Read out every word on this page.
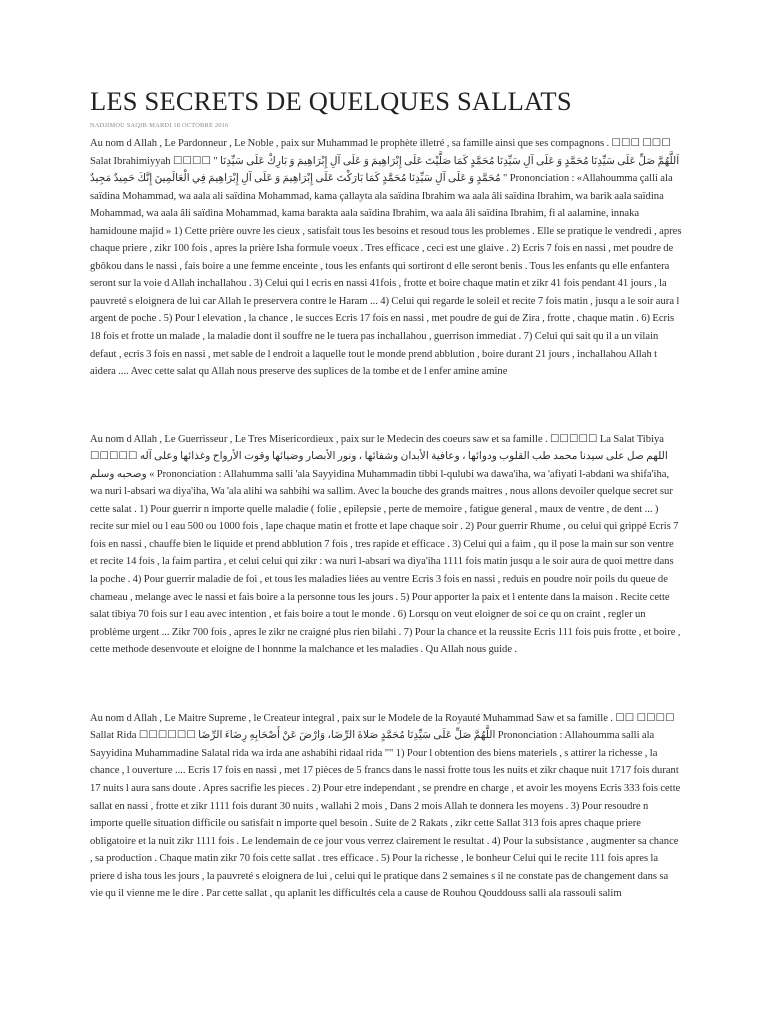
LES SECRETS DE QUELQUES SALLATS
NADJIMOU SAQIB·MARDI 18 OCTOBRE 2016

Au nom d Allah , Le Pardonneur , Le Noble , paix sur Muhammad le prophète illetré , sa famille ainsi que ses compagnons . ☐☐☐ ☐☐☐ Salat Ibrahimiyyah ☐☐☐☐ " اَللَّهُمَّ صَلِّ عَلَى سَيِّدِنَا مُحَمَّدٍ وَ عَلَى آلِ سَيِّدِنَا مُحَمَّدٍ كَمَا صَلَّيْتَ عَلَى إِبْرَاهِيمَ وَ عَلَى آلِ إِبْرَاهِيمَ وَ بَارِكْ عَلَى سَيِّدِنَا مُحَمَّدٍ وَ عَلَى آلِ سَيِّدِنَا مُحَمَّدٍ كَمَا بَارَكْتَ عَلَى إِبْرَاهِيمَ وَ عَلَى آلِ إِبْرَاهِيمَ فِي الْعَالَمِينَ إِنَّكَ حَمِيدٌ مَجِيدٌ " Prononciation : «Allahoumma çalli ala saïdina Mohammad, wa aala ali saïdina Mohammad, kama çallayta ala saïdina Ibrahim wa aala âli saïdina Ibrahim, wa barik aala saïdina Mohammad, wa aala âli saïdina Mohammad, kama barakta aala saïdina Ibrahim, wa aala âli saïdina Ibrahim, fi al aalamine, innaka hamidoune majid » 1) Cette prière ouvre les cieux , satisfait tous les besoins et resoud tous les problemes . Elle se pratique le vendredi , apres chaque priere , zikr 100 fois , apres la prière Isha formule voeux . Tres efficace , ceci est une glaive . 2) Ecris 7 fois en nassi , met poudre de gbôkou dans le nassi , fais boire a une femme enceinte , tous les enfants qui sortiront d elle seront benis . Tous les enfants qu elle enfantera seront sur la voie d Allah inchallahou . 3) Celui qui l ecris en nassi 41fois , frotte et boire chaque matin et zikr 41 fois pendant 41 jours , la pauvreté s eloignera de lui car Allah le preservera contre le Haram ... 4) Celui qui regarde le soleil et recite 7 fois matin , jusqu a le soir aura l argent de poche . 5) Pour l elevation , la chance , le succes Ecris 17 fois en nassi , met poudre de gui de Zira , frotte , chaque matin . 6) Ecris 18 fois et frotte un malade , la maladie dont il souffre ne le tuera pas inchallahou , guerrison immediat . 7) Celui qui sait qu il a un vilain defaut , ecris 3 fois en nassi , met sable de l endroit a laquelle tout le monde prend abblution , boire durant 21 jours , inchallahou Allah t aidera .... Avec cette salat qu Allah nous preserve des suplices de la tombe et de l enfer amine amine

Au nom d Allah , Le Guerrisseur , Le Tres Misericordieux , paix sur le Medecin des coeurs saw et sa famille . ☐☐☐☐☐ La Salat Tibiya ☐☐☐☐☐ اللهم صل على سيدنا محمد طب القلوب ودوائها ، وعافية الأبدان وشفائها ، ونور الأبصار وضيائها وقوت الأرواح وغذائها وعلى آله وصحبه وسلم « Prononciation : Allahumma salli 'ala Sayyidina Muhammadin tibbi l-qulubi wa dawa'iha, wa 'afiyati l-abdani wa shifa'iha, wa nuri l-absari wa diya'iha, Wa 'ala alihi wa sahbihi wa sallim. Avec la bouche des grands maitres , nous allons devoiler quelque secret sur cette salat . 1) Pour guerrir n importe quelle maladie ( folie , epilepsie , perte de memoire , fatigue general , maux de ventre , de dent ... ) recite sur miel ou l eau 500 ou 1000 fois , lape chaque matin et frotte et lape chaque soir . 2) Pour guerrir Rhume , ou celui qui grippé Ecris 7 fois en nassi , chauffe bien le liquide et prend abblution 7 fois , tres rapide et efficace . 3) Celui qui a faim , qu il pose la main sur son ventre et recite 14 fois , la faim partira , et celui celui qui zikr : wa nuri l-absari wa diya'iha 1111 fois matin jusqu a le soir aura de quoi mettre dans la poche . 4) Pour guerrir maladie de foi , et tous les maladies liées au ventre Ecris 3 fois en nassi , reduis en poudre noir poils du queue de chameau , melange avec le nassi et fais boire a la personne tous les jours . 5) Pour apporter la paix et l entente dans la maison . Recite cette salat tibiya 70 fois sur l eau avec intention , et fais boire a tout le monde . 6) Lorsqu on veut eloigner de soi ce qu on craint , regler un problème urgent ... Zikr 700 fois , apres le zikr ne craigné plus rien bilahi . 7) Pour la chance et la reussite Ecris 111 fois puis frotte , et boire , cette methode desenvoute et eloigne de l honnme la malchance et les maladies . Qu Allah nous guide .

Au nom d Allah , Le Maitre Supreme , le Createur integral , paix sur le Modele de la Royauté Muhammad Saw et sa famille . ☐☐ ☐☐☐☐ Sallat Rida ☐☐☐☐☐☐ اللَّهُمَّ صَلِّ عَلَى سَيِّدِنَا مُحَمَّدٍ صَلاةَ الرِّضَا، وَارْضَ عَنْ أَصْحَابِهِ رِضَاءَ الرِّضَا Prononciation : Allahoumma salli ala Sayyidina Muhammadine Salatal rida wa irda ane ashabihi ridaal rida "" 1) Pour l obtention des biens materiels , s attirer la richesse , la chance , l ouverture .... Ecris 17 fois en nassi , met 17 pièces de 5 francs dans le nassi frotte tous les nuits et zikr chaque nuit 1717 fois durant 17 nuits l aura sans doute . Apres sacrifie les pieces . 2) Pour etre independant , se prendre en charge , et avoir les moyens Ecris 333 fois cette sallat en nassi , frotte et zikr 1111 fois durant 30 nuits , wallahi 2 mois , Dans 2 mois Allah te donnera les moyens . 3) Pour resoudre n importe quelle situation difficile ou satisfait n importe quel besoin . Suite de 2 Rakats , zikr cette Sallat 313 fois apres chaque priere obligatoire et la nuit zikr 1111 fois . Le lendemain de ce jour vous verrez clairement le resultat . 4) Pour la subsistance , augmenter sa chance , sa production . Chaque matin zikr 70 fois cette sallat . tres efficace . 5) Pour la richesse , le bonheur Celui qui le recite 111 fois apres la priere d isha tous les jours , la pauvreté s eloignera de lui , celui qui le pratique dans 2 semaines s il ne constate pas de changement dans sa vie qu il vienne me le dire . Par cette sallat , qu aplanit les difficultés cela a cause de Rouhou Qouddouss salli ala rassouli salim
